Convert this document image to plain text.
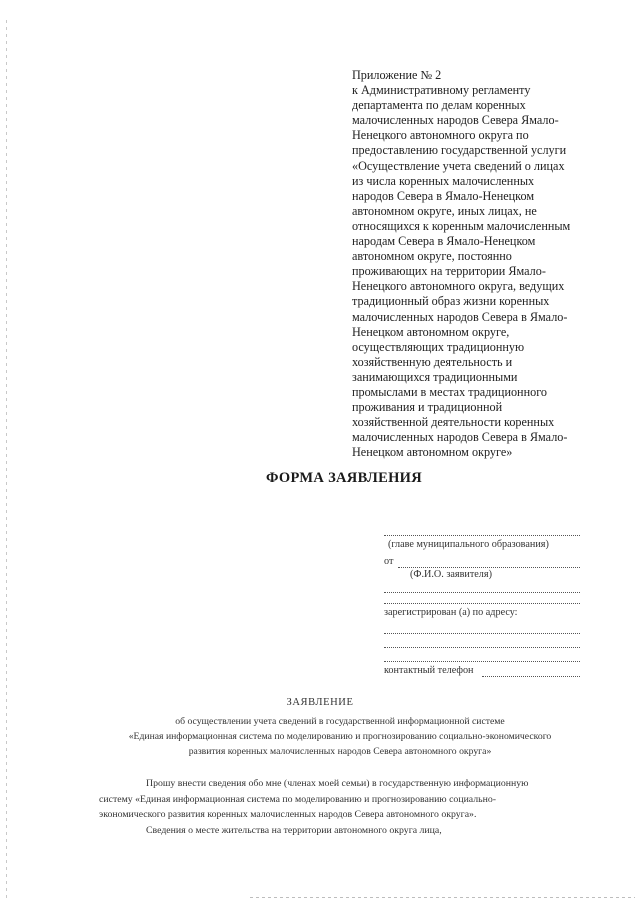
Приложение № 2
к Административному регламенту
департамента по делам коренных
малочисленных народов Севера Ямало-
Ненецкого автономного округа по
предоставлению государственной услуги
«Осуществление учета сведений о лицах
из числа коренных малочисленных
народов Севера в Ямало-Ненецком
автономном округе, иных лицах, не
относящихся к коренным малочисленным
народам Севера в Ямало-Ненецком
автономном округе, постоянно
проживающих на территории Ямало-
Ненецкого автономного округа, ведущих
традиционный образ жизни коренных
малочисленных народов Севера в Ямало-
Ненецком автономном округе,
осуществляющих традиционную
хозяйственную деятельность и
занимающихся традиционными
промыслами в местах традиционного
проживания и традиционной
хозяйственной деятельности коренных
малочисленных народов Севера в Ямало-
Ненецком автономном округе»
ФОРМА ЗАЯВЛЕНИЯ
(главе муниципального образования)
от
(Ф.И.О. заявителя)
зарегистрирован (а) по адресу:
контактный телефон
ЗАЯВЛЕНИЕ
об осуществлении учета сведений в государственной информационной системе
«Единая информационная система по моделированию и прогнозированию социально-экономического
развития коренных малочисленных народов Севера автономного округа»
Прошу внести сведения обо мне (членах моей семьи) в государственную информационную
систему «Единая информационная система по моделированию и прогнозированию социально-
экономического развития коренных малочисленных народов Севера автономного округа».
Сведения о месте жительства на территории автономного округа лица,
